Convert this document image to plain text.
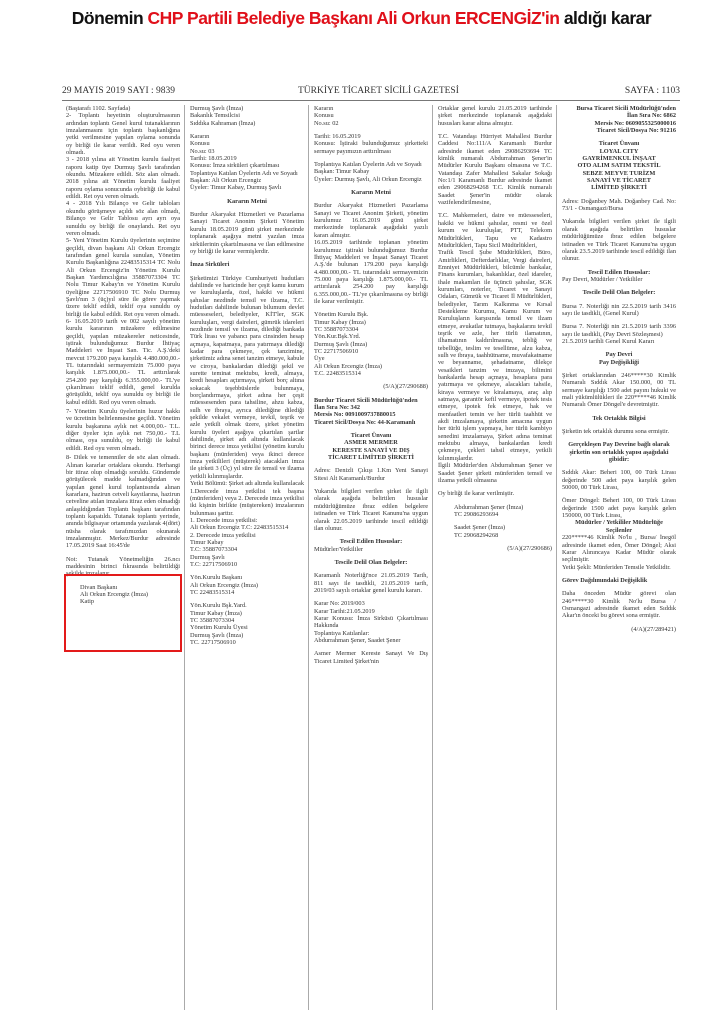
Dönemin CHP Partili Belediye Başkanı Ali Orkun ERCENGİZ'in aldığı karar
29 MAYIS 2019 SAYI : 9839	TÜRKİYE TİCARET SİCİLİ GAZETESİ	SAYFA : 1103

(Baştarafı 1102. Sayfada)

2- Toplantı heyetinin oluşturulmasının ardından toplantı Genel kurul tutanaklarının imzalanmasını için toplantı başkanlığına yetki verilmesine yapılan oylama sonunda oy birliği ile karar verildi. Red oyu veren olmadı.

3 - 2018 yılına ait Yönetim kurulu faaliyet raporu katip üye Durmuş Şavlı tarafından okundu. Müzakere edildi. Söz alan olmadı. 2018 yılına ait Yönetim kurulu faaliyet raporu oylama sonucunda oybirliği ile kabul edildi. Ret oyu veren olmadı.

4 - 2018 Yılı Bilanço ve Gelir tabloları okundu görüşmeye açıldı söz alan olmadı, Bilanço ve Gelir Tablosu ayrı ayrı oya sunuldu oy birliği ile onaylandı. Ret oyu veren olmadı.

5- Yeni Yönetim Kurulu üyelerinin seçimine geçildi, divan başkanı Ali Orkun Ercengiz tarafından genel kurula sunulan, Yönetim Kurulu Başkanlığına 22483515314 TC Nolu Ali Orkun Ercengiz'in Yönetim Kurulu Başkan Yardımcılığına 35887073304 TC Nolu Timur Kabay'ın ve Yönetim Kurulu üyeliğine 22717506910 TC Nolu Durmuş Şavlı'nın 3 (üç)yıl süre ile görev yapmak üzere teklif edildi, teklif oya sunuldu oy birliği ile kabul edildi. Ret oyu veren olmadı.

6- 16.05.2019 tarih ve 002 sayılı yönetim kurulu kararının müzakere edilmesine geçildi, yapılan müzakereler neticesinde, iştirak bulunduğumuz Burdur İhtiyaç Maddeleri ve İnşaat San. Tic. A.Ş.'deki mevcut 179.200 paya karşılık 4.480.000,00.- TL tutarındaki sermayemizin 75.000 paya karşılık 1.875.000,00.- TL arttırılarak 254.200 pay karşılığı 6.355.000,00.- TL'ye çıkarılması teklif edildi, genel kurulda görüşüldü, teklif oya sunuldu oy birliği ile kabul edildi. Red oyu veren olmadı.

7- Yönetim Kurulu üyelerinin huzur hakkı ve ücretinin belirlenmesine geçildi. Yönetim kurulu başkanına aylık net 4.000,00.- T.L. diğer üyeler için aylık net 750,00.- T.L olması, oya sunuldu, oy birliği ile kabul edildi. Red oyu veren olmadı.

8- Dilek ve temenniler de söz alan olmadı. Alınan kararlar ortaklara okundu. Herhangi bir itiraz olup olmadığı soruldu. Gündemde görüşülecek madde kalmadığından ve yapılan genel kurul toplantısında alınan kararlara, hazirun cetveli kayıtlarına, hazirun cetveline atılan imzalara itiraz eden olmadığı anlaşıldığından Toplantı başkanı tarafından toplantı kapatıldı. Tutanak toplantı yerinde, anında bilgisayar ortamında yazılarak 4(dört) nüsha olarak tarafımızdan okunarak imzalanmıştır. Merkez/Burdur adresinde 17.05.2019 Saat 16:45'de

Not: Tutanak Yönetmeliğin 26.ncı maddesinin birinci fıkrasında belirtildiği şekilde imzalanır.

Divan Başkanı

Ali Orkun Ercengiz (İmza)

Katip

Durmuş Şavlı (İmza)

Bakanlık Temsilcisi

Sıddıka Kahraman (İmza)

Kararın

Konusu

No.su: 03

Tarihi: 18.05.2019

Konusu: İmza sirküleri çıkartılması

Toplantıya Katılan Üyelerin Adı ve Soyadı

Başkan: Ali Orkun Ercengiz

Üyeler: Timur Kabay, Durmuş Şavlı

Kararın Metni

Burdur Akaryakıt Hizmetleri ve Pazarlama Sanayi Ticaret Anonim Şirketi Yönetim kurulu 18.05.2019 günü şirket merkezinde toplanarak aşağıya metni yazılan imza sirkülerinin çıkartılmasına ve ilan edilmesine oy birliği ile karar vermişlerdir.

İmza Sirküleri

Şirketimizi Türkiye Cumhuriyeti hudutları dahilinde ve haricinde her çeşit kamu kurum ve kuruluşlarda, özel, hakiki ve hükmi şahıslar nezdinde temsil ve ilzama, T.C. hudutları dahilinde bulunan bilumum devlet müesseseleri, belediyeler, KİT'ler, SGK kuruluşları, vergi daireleri, gümrük idareleri nezdinde temsil ve ilzama, dilediği bankada Türk lirası ve yabancı para cinsinden hesap açmaya, kapatmaya, para yatırmaya dilediği kadar para çekmeye, çek tanzimine, şirketimiz adına senet tanzim etmeye, kabule ve ciroya, bankalardan dilediği şekil ve surette teminat mektubu, kredi, almaya, kredi hesapları açtırmaya, şirketi borç altına sokacak teşebbüslerde bulunmaya, borçlandırmaya, şirket adına her çeşit müessesenden para tahsiline, ahzu kabza, sulh ve ibraya, ayrıca dilediğine dilediği şekilde vekalet vermeye, tevkil, teşrik ve azle yetkili olmak üzere, şirket yönetim kurulu üyeleri aşağıya çıkartılan şartlar dahilinde, şirket adı altında kullanılacak birinci derece imza yetkilisi (yönetim kurulu başkanı (münferiden) veya ikinci derece imza yetkilileri (müşterek) atacakları imza ile şirketi 3 (Üç) yıl süre ile temsil ve ilzama yetkili kılınmışlardır.

Yetki Bölümü: Şirket adı altında kullanılacak 1.Derecede imza yetkilisi tek başına (münferiden) veya 2. Derecede imza yetkilisi iki kişinin birlikte (müştereken) imzalarının bulunması şarttır.

1. Derecede imza yetkilisi:

Ali Orkun Ercengiz T.C: 22483515314

2. Derecede imza yetkilisi

Timur Kabay

T.C: 35887073304

Durmuş Şavlı

T.C: 22717506910

Yön.Kurulu Başkanı

Ali Orkun Ercengiz (İmza)

TC 22483515314

Yön.Kurulu Bşk.Yard.

Timur Kabay (İmza)

TC 35887073304

Yönetim Kurulu Üyesi

Durmuş Şavlı (İmza)

TC. 22717506910

Kararın

Konusu

No.su: 02

Tarihi: 16.05.2019

Konusu: İştiraki bulunduğumuz şirketteki sermaye payımızın arttırılması

Toplantıya Katılan Üyelerin Adı ve Soyadı

Başkan: Timur Kabay

Üyeler: Durmuş Şavlı, Ali Orkun Ercengiz

Kararın Metni

Burdur Akaryakıt Hizmetleri Pazarlama Sanayi ve Ticaret Anonim Şirketi, yönetim kurulumuz 16.05.2019 günü şirket merkezinde toplanarak aşağıdaki yazılı kararı almıştır.

16.05.2019 tarihinde toplanan yönetim kurulumuz iştiraki bulunduğumuz Burdur İhtiyaç Maddeleri ve İnşaat Sanayi Ticaret A.Ş.'de bulunan 179.200 paya karşılığı 4.480.000,00.- TL tutarındaki sermayemizin 75.000 paya karşılığı 1.875.000,00.- TL arttırılarak 254.200 pay karşılığı 6.355.000,00.- TL'ye çıkarılmasına oy birliği ile karar verilmiştir.

Yönetim Kurulu Bşk.

Timur Kabay (İmza)

TC 35887073304

Yön.Kur.Bşk.Yrd.

Durmuş Şavlı (İmza)

TC 22717506910

Üye

Ali Orkun Ercengiz (İmza)

T.C. 22483515314

(5/A)(27/290688)

Burdur Ticaret Sicili Müdürlüğü'nden

İlan Sıra No: 342

Mersis No: 0091009737880015

Ticaret Sicil/Dosya No: 44-Karamanlı

Ticaret Ünvanı

ASMER MERMER

KERESTE SANAYİ VE DIŞ

TİCARET LİMİTED ŞİRKETİ

Adres: Denizli Çıkışı 1.Km Yeni Sanayi Sitesi Alt Karamanlı/Burdur

Yukarıda bilgileri verilen şirket ile ilgili olarak aşağıda belirtilen hususlar müdürlüğümüze ibraz edilen belgelere istinaden ve Türk Ticaret Kanunu'na uygun olarak 22.05.2019 tarihinde tescil edildiği ilan olunur.

Tescil Edilen Hususlar:

Müdürler/Yetkililer

Tescile Delil Olan Belgeler:

Karamanlı Noterliği'nce 21.05.2019 Tarih, 811 sayı ile tasdikli, 21.05.2019 tarih, 2019/03 sayılı ortaklar genel kurulu kararı.

Karar No: 2019/003

Karar Tarihi:21.05.2019

Karar Konusu: İmza Sirküsü Çıkartılması Hakkında

Toplantıya Katılanlar:

Abdurrahman Şener, Saadet Şener

Asmer Mermer Kereste Sanayi Ve Dış Ticaret Limited Şirket'nin

Ortaklar genel kurulu 21.05.2019 tarihinde şirket merkezinde toplanarak aşağıdaki hususları karar altına almıştır.

T.C. Vatandaşı Hürriyet Mahallesi Burdur Caddesi No:111/A Karamanlı Burdur adresinde ikamet eden 29086293694 TC kimlik numaralı Abdurrahman Şener'in Müdürler Kurulu Başkanı olmasına ve T.C. Vatandaşı Zafer Mahallesi Sakalar Sokağı No:1/1 Karamanlı Burdur adresinde ikamet eden 29068294268 T.C. Kimlik numaralı Saadet Şener'in müdür olarak vazifelendirilmesine,

T.C. Mahkemeleri, daire ve müesseseleri, hakiki ve hükmi şahıslar, resmi ve özel kurum ve kuruluşlar, PTT, Telekom Müdürlükleri, Tapu ve Kadastro Müdürlükleri, Tapu Sicil Müdürlükleri,

Trafik Tescil Şube Müdürlükleri, Büro, Amirlikleri, Defterdarlıklar, Vergi daireleri, Emniyet Müdürlükleri, bilcümle bankalar, Finans kurumları, bakanlıklar, özel idareler, ihale makamları ile üçüncü şahıslar, SGK kurumları, noterler, Ticaret ve Sanayi Odaları, Gümrük ve Ticaret İl Müdürlükleri, belediyeler, Tarım Kalkınma ve Kırsal Destekleme Kurumu, Kamu Kurum ve Kuruluşların karşısında temsil ve ilzam etmeye, avukatlar tutmaya, başkalarını tevkil teşrik ve azle, her türlü ilamatının, ilhamatının kaldırılmasına, tebliğ ve tebellüğe, teslim ve tesellüme, alzu kabza, sulh ve ibraya, taahhütname, muvafakatname ve beyanname, şehadatname, dilekçe vesaikleri tanzim ve imzaya, bilimini bankalarda hesap açmaya, hesaplara para yatırmaya ve çekmeye, alacakları tahsile, kiraya vermeye ve kiralamaya, araç alıp satmaya, garantör kefil vermeye, ipotek tesis etmeye, ipotek fek etmeye, hak ve menfaatleri temin ve her türlü taahhüt ve akdi imzalamaya, şirketin amacına uygun her türlü işlem yapmaya, her türlü kambiyo senedini imzalamaya, Şirket adına teminat mektubu almaya, bankalardan kredi çekmeye, çekleri tahsil etmeye, yetkili kılınmışlardır.

İlgili Müdürler'den Abdurrahman Şener ve Saadet Şener şirketi münferiden temsil ve ilzama yetkili olmasına

Oy birliği ile karar verilmiştir.

Abdurrahman Şener (İmza)

TC 29086293694

Saadet Şener (İmza)

TC 29068294268

(5/A)(27/290686)

Bursa Ticaret Sicili Müdürlüğü'nden

İlan Sıra No: 6862

Mersis No: 0609055325000016

Ticaret Sicil/Dosya No: 91216

Ticaret Ünvanı

LOYAL CITY

GAYRİMENKUL İNŞAAT

OTO ALIM SATIM TEKSTİL

SEBZE MEYVE TURİZM

SANAYİ VE TİCARET

LİMİTED ŞİRKETİ

Adres: Doğanbey Mah. Doğanbey Cad. No: 73/1 - Osmangazi/Bursa

Yukarıda bilgileri verilen şirket ile ilgili olarak aşağıda belirtilen hususlar müdürlüğümüze ibraz edilen belgelere istinaden ve Türk Ticaret Kanunu'na uygun olarak 23.5.2019 tarihinde tescil edildiği ilan olunur.

Tescil Edilen Hususlar:

Pay Devri, Müdürler / Yetkililer

Tescile Delil Olan Belgeler:

Bursa 7. Noterliği nin 22.5.2019 tarih 3416 sayı ile tasdikli, (Genel Kurul)

Bursa 7. Noterliği nin 21.5.2019 tarih 3396 sayı ile tasdikli, (Pay Devri Sözleşmesi)

21.5.2019 tarihli Genel Kurul Kararı

Pay Devri

Pay Değişikliği

Şirket ortaklarından 246*****30 Kimlik Numaralı Sıddık Akar 150.000, 00 TL sermaye karşılığı 1500 adet payını hukuki ve mali yükümlülükleri ile 220*****46 Kimlik Numaralı Ömer Döngel'e devretmiştir.

Tek Ortaklık Bilgisi

Şirketin tek ortaklık durumu sona ermiştir.

Gerçekleşen Pay Devrine bağlı olarak şirketin son ortaklık yapısı aşağıdaki gibidir:

Sıddık Akar: Beheri 100, 00 Türk Lirası değerinde 500 adet paya karşılık gelen 50000, 00 Türk Lirası,

Ömer Döngel: Beheri 100, 00 Türk Lirası değerinde 1500 adet paya karşılık gelen 150000, 00 Türk Lirası,

Müdürler / Yetkililer Müdürlüğe Seçilenler

220*****46 Kimlik No'lu , Bursa/ İnegöl adresinde ikamet eden, Ömer Döngel; Aksi Karar Alınıncaya Kadar Müdür olarak seçilmiştir.

Yetki Şekli: Münferiden Temsile Yetkilidir.

Görev Dağılımındaki Değişiklik

Daha önceden Müdür görevi olan 246*****30 Kimlik No'lu Bursa / Osmangazi adresinde ikamet eden Sıddık Akar'ın önceki bu görevi sona ermiştir.

(4/A)(27/289421)
